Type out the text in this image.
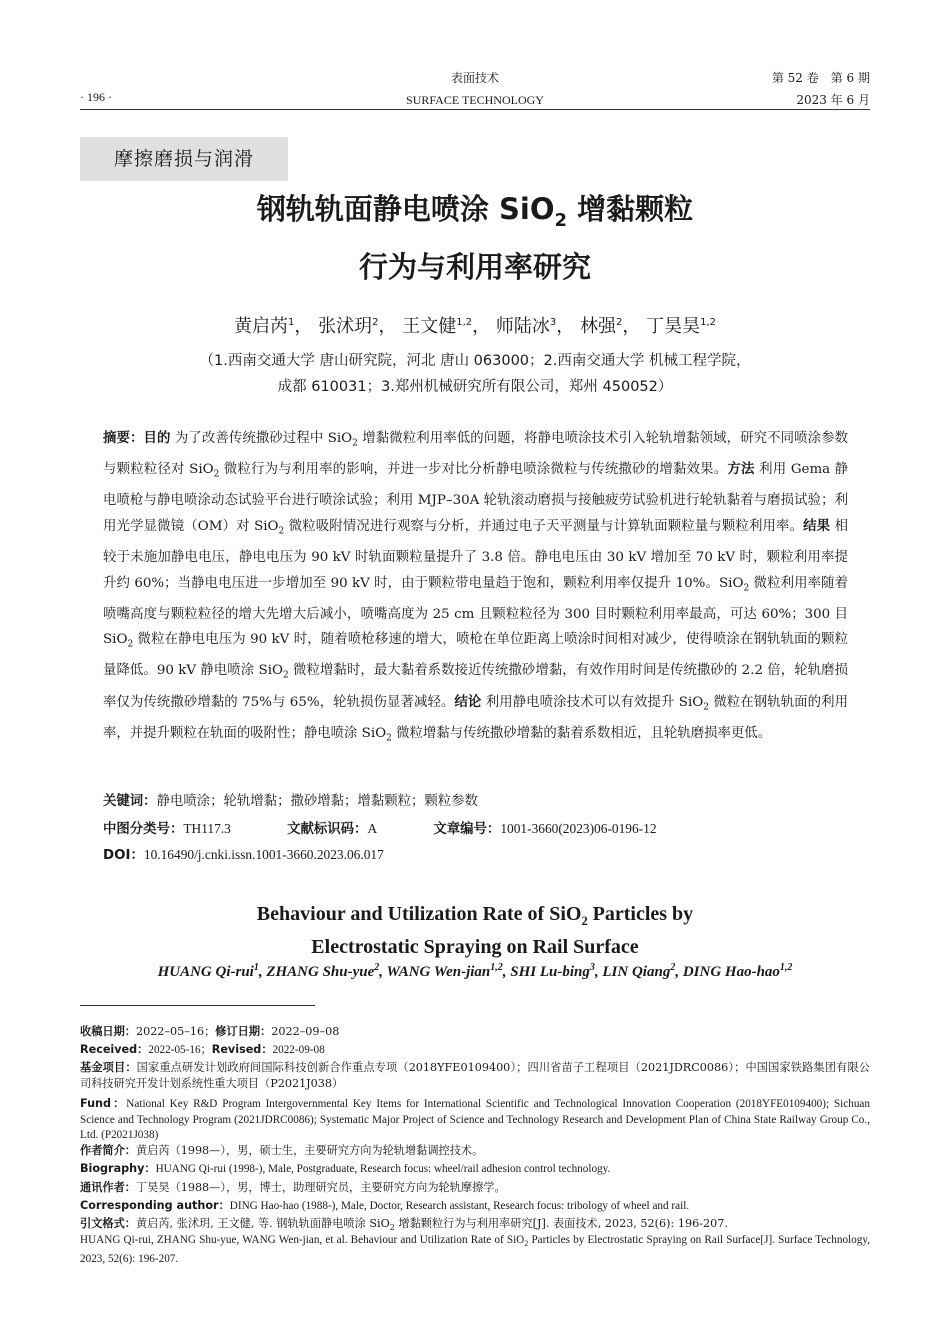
· 196 ·
表面技术
SURFACE TECHNOLOGY
第 52 卷　第 6 期
2023 年 6 月
摩擦磨损与润滑
钢轨轨面静电喷涂 SiO$_2$ 增黏颗粒
行为与利用率研究
黄启芮$^1$， 张沭玥$^2$， 王文健$^{1,2}$， 师陆冰$^3$， 林强$^2$， 丁昊昊$^{1,2}$
（1.西南交通大学 唐山研究院，河北 唐山 063000；2.西南交通大学 机械工程学院，
成都 610031；3.郑州机械研究所有限公司，郑州 450052）
摘要：目的 为了改善传统撒砂过程中 SiO$_2$ 增黏微粒利用率低的问题，将静电喷涂技术引入轮轨增黏领域，研究不同喷涂参数与颗粒粒径对 SiO$_2$ 微粒行为与利用率的影响，并进一步对比分析静电喷涂微粒与传统撒砂的增黏效果。方法 利用 Gema 静电喷枪与静电喷涂动态试验平台进行喷涂试验；利用 MJP–30A 轮轨滚动磨损与接触疲劳试验机进行轮轨黏着与磨损试验；利用光学显微镜（OM）对 SiO$_2$ 微粒吸附情况进行观察与分析，并通过电子天平测量与计算轨面颗粒量与颗粒利用率。结果 相较于未施加静电电压，静电电压为 90 kV 时轨面颗粒量提升了 3.8 倍。静电电压由 30 kV 增加至 70 kV 时，颗粒利用率提升约 60%；当静电电压进一步增加至 90 kV 时，由于颗粒带电量趋于饱和，颗粒利用率仅提升 10%。SiO$_2$ 微粒利用率随着喷嘴高度与颗粒粒径的增大先增大后减小，喷嘴高度为 25 cm 且颗粒粒径为 300 目时颗粒利用率最高，可达 60%；300 目 SiO$_2$ 微粒在静电电压为 90 kV 时，随着喷枪移速的增大，喷枪在单位距离上喷涂时间相对减少，使得喷涂在钢轨轨面的颗粒量降低。90 kV 静电喷涂 SiO$_2$ 微粒增黏时，最大黏着系数接近传统撒砂增黏，有效作用时间是传统撒砂的 2.2 倍，轮轨磨损率仅为传统撒砂增黏的 75%与 65%，轮轨损伤显著减轻。结论 利用静电喷涂技术可以有效提升 SiO$_2$ 微粒在钢轨轨面的利用率，并提升颗粒在轨面的吸附性；静电喷涂 SiO$_2$ 微粒增黏与传统撒砂增黏的黏着系数相近，且轮轨磨损率更低。
关键词：静电喷涂；轮轨增黏；撒砂增黏；增黏颗粒；颗粒参数
中图分类号：TH117.3	文献标识码：A	文章编号：1001-3660(2023)06-0196-12
DOI：10.16490/j.cnki.issn.1001-3660.2023.06.017
Behaviour and Utilization Rate of SiO$_2$ Particles by
Electrostatic Spraying on Rail Surface
HUANG Qi-rui$^1$, ZHANG Shu-yue$^2$, WANG Wen-jian$^{1,2}$, SHI Lu-bing$^3$, LIN Qiang$^2$, DING Hao-hao$^{1,2}$
收稿日期：2022–05–16；修订日期：2022–09–08
Received：2022-05-16；Revised：2022-09-08
基金项目：国家重点研发计划政府间国际科技创新合作重点专项（2018YFE0109400）；四川省苗子工程项目（2021JDRC0086）；中国国家铁路集团有限公司科技研究开发计划系统性重大项目（P2021J038）
Fund：National Key R&D Program Intergovernmental Key Items for International Scientific and Technological Innovation Cooperation (2018YFE0109400); Sichuan Science and Technology Program (2021JDRC0086); Systematic Major Project of Science and Technology Research and Development Plan of China State Railway Group Co., Ltd. (P2021J038)
作者简介：黄启芮（1998—），男，硕士生，主要研究方向为轮轨增黏调控技术。
Biography：HUANG Qi-rui (1998-), Male, Postgraduate, Research focus: wheel/rail adhesion control technology.
通讯作者：丁昊昊（1988—），男，博士，助理研究员，主要研究方向为轮轨摩擦学。
Corresponding author：DING Hao-hao (1988-), Male, Doctor, Research assistant, Research focus: tribology of wheel and rail.
引文格式：黄启芮, 张沭玥, 王文健, 等. 钢轨轨面静电喷涂 SiO$_2$ 增黏颗粒行为与利用率研究[J]. 表面技术, 2023, 52(6): 196-207.
HUANG Qi-rui, ZHANG Shu-yue, WANG Wen-jian, et al. Behaviour and Utilization Rate of SiO$_2$ Particles by Electrostatic Spraying on Rail Surface[J]. Surface Technology, 2023, 52(6): 196-207.
